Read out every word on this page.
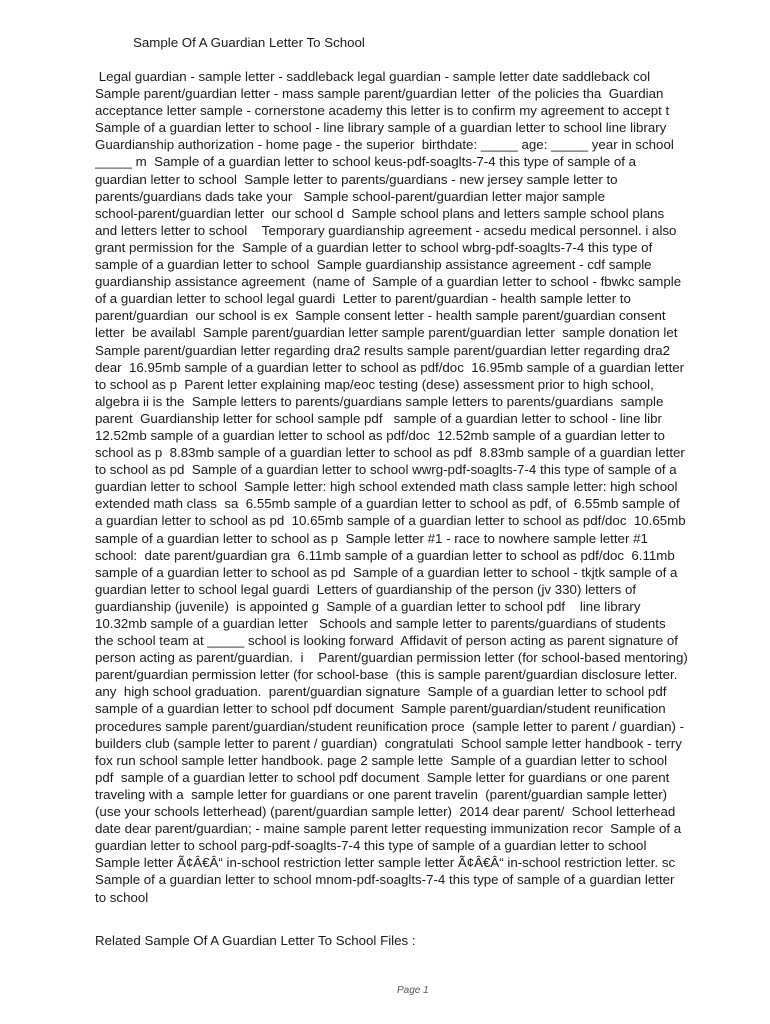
Sample Of A Guardian Letter To School
Legal guardian - sample letter - saddleback legal guardian - sample letter date saddleback col
Sample parent/guardian letter - mass sample parent/guardian letter  of the policies tha  Guardian
acceptance letter sample - cornerstone academy this letter is to confirm my agreement to accept t
Sample of a guardian letter to school - line library sample of a guardian letter to school line library
Guardianship authorization - home page - the superior  birthdate: _____ age: _____ year in school
_____ m  Sample of a guardian letter to school keus-pdf-soaglts-7-4 this type of sample of a
guardian letter to school  Sample letter to parents/guardians - new jersey sample letter to
parents/guardians dads take your   Sample school-parent/guardian letter major sample
school-parent/guardian letter  our school d  Sample school plans and letters sample school plans
and letters letter to school    Temporary guardianship agreement - acsedu medical personnel. i also
grant permission for the  Sample of a guardian letter to school wbrg-pdf-soaglts-7-4 this type of
sample of a guardian letter to school  Sample guardianship assistance agreement - cdf sample
guardianship assistance agreement  (name of  Sample of a guardian letter to school - fbwkc sample
of a guardian letter to school legal guardi  Letter to parent/guardian - health sample letter to
parent/guardian  our school is ex  Sample consent letter - health sample parent/guardian consent
letter  be availabl  Sample parent/guardian letter sample parent/guardian letter  sample donation let
Sample parent/guardian letter regarding dra2 results sample parent/guardian letter regarding dra2
dear  16.95mb sample of a guardian letter to school as pdf/doc  16.95mb sample of a guardian letter
to school as p  Parent letter explaining map/eoc testing (dese) assessment prior to high school,
algebra ii is the  Sample letters to parents/guardians sample letters to parents/guardians  sample
parent  Guardianship letter for school sample pdf   sample of a guardian letter to school - line libr
12.52mb sample of a guardian letter to school as pdf/doc  12.52mb sample of a guardian letter to
school as p  8.83mb sample of a guardian letter to school as pdf  8.83mb sample of a guardian letter
to school as pd  Sample of a guardian letter to school wwrg-pdf-soaglts-7-4 this type of sample of a
guardian letter to school  Sample letter: high school extended math class sample letter: high school
extended math class  sa  6.55mb sample of a guardian letter to school as pdf, of  6.55mb sample of
a guardian letter to school as pd  10.65mb sample of a guardian letter to school as pdf/doc  10.65mb
sample of a guardian letter to school as p  Sample letter #1 - race to nowhere sample letter #1
school:  date parent/guardian gra  6.11mb sample of a guardian letter to school as pdf/doc  6.11mb
sample of a guardian letter to school as pd  Sample of a guardian letter to school - tkjtk sample of a
guardian letter to school legal guardi  Letters of guardianship of the person (jv 330) letters of
guardianship (juvenile)  is appointed g  Sample of a guardian letter to school pdf    line library
10.32mb sample of a guardian letter   Schools and sample letter to parents/guardians of students
the school team at _____ school is looking forward  Affidavit of person acting as parent signature of
person acting as parent/guardian.  i    Parent/guardian permission letter (for school-based mentoring)
parent/guardian permission letter (for school-base  (this is sample parent/guardian disclosure letter.
any  high school graduation.  parent/guardian signature  Sample of a guardian letter to school pdf
sample of a guardian letter to school pdf document  Sample parent/guardian/student reunification
procedures sample parent/guardian/student reunification proce  (sample letter to parent / guardian) -
builders club (sample letter to parent / guardian)  congratulati  School sample letter handbook - terry
fox run school sample letter handbook. page 2 sample lette  Sample of a guardian letter to school
pdf  sample of a guardian letter to school pdf document  Sample letter for guardians or one parent
traveling with a  sample letter for guardians or one parent travelin  (parent/guardian sample letter)
(use your schools letterhead) (parent/guardian sample letter)  2014 dear parent/  School letterhead
date dear parent/guardian; - maine sample parent letter requesting immunization recor  Sample of a
guardian letter to school parg-pdf-soaglts-7-4 this type of sample of a guardian letter to school
Sample letter Ã¢Â€Â“ in-school restriction letter sample letter Ã¢Â€Â“ in-school restriction letter. sc
Sample of a guardian letter to school mnom-pdf-soaglts-7-4 this type of sample of a guardian letter
to school
Related Sample Of A Guardian Letter To School Files :
Page 1
